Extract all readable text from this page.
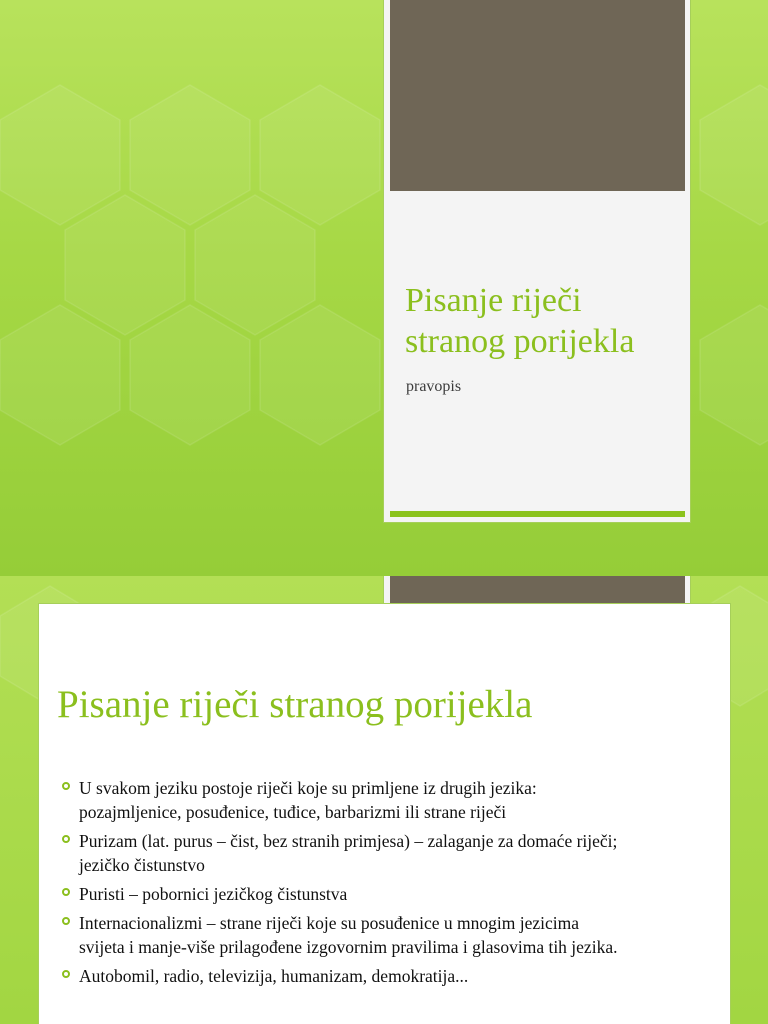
Pisanje riječi stranog porijekla
pravopis
Pisanje riječi stranog porijekla
U svakom jeziku postoje riječi koje su primljene iz drugih jezika: pozajmljenice, posuđenice, tuđice, barbarizmi ili strane riječi
Purizam (lat. purus – čist, bez stranih primjesa) – zalaganje za domaće riječi; jezičko čistunstvo
Puristi – pobornici jezičkog čistunstva
Internacionalizmi – strane riječi koje su posuđenice u mnogim jezicima svijeta i manje-više prilagođene izgovornim pravilima i glasovima tih jezika.
Autobomil, radio, televizija, humanizam, demokratija...
